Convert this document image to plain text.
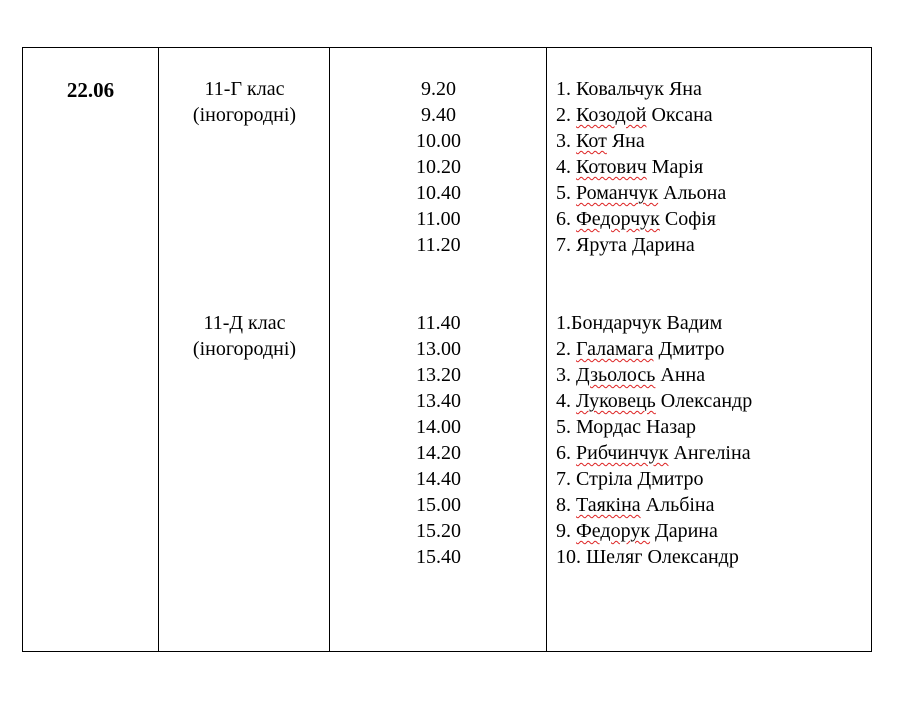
22.06	11-Г клас
(іногородні)
9.20
9.40
10.00
10.20
10.40
11.00
11.20
1. Ковальчук Яна
2. Козодой Оксана
3. Кот Яна
4. Котович Марія
5. Романчук Альона
6. Федорчук Софія
7. Ярута Дарина
11-Д клас
(іногородні)
11.40
13.00
13.20
13.40
14.00
14.20
14.40
15.00
15.20
15.40
1.Бондарчук Вадим
2. Галамага Дмитро
3. Дзьолось Анна
4. Луковець Олександр
5. Мордас Назар
6. Рибчинчук Ангеліна
7. Стріла Дмитро
8. Таякіна Альбіна
9. Федорук Дарина
10. Шеляг Олександр
